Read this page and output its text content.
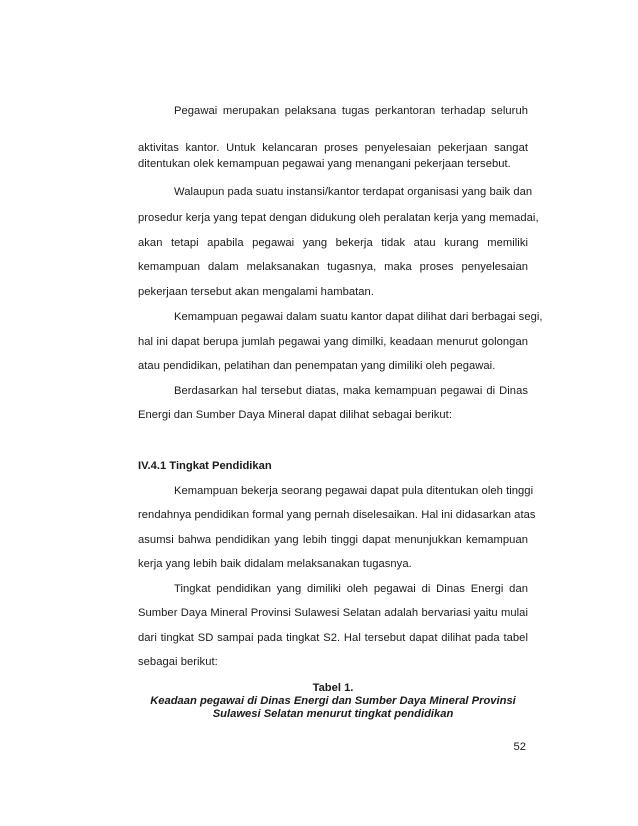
Pegawai merupakan pelaksana tugas perkantoran terhadap seluruh
aktivitas kantor. Untuk kelancaran proses penyelesaian pekerjaan sangat
ditentukan olek kemampuan pegawai yang menangani pekerjaan tersebut.
Walaupun pada suatu instansi/kantor terdapat organisasi yang baik dan
prosedur kerja yang tepat dengan didukung oleh peralatan kerja yang memadai,
akan tetapi apabila pegawai yang bekerja tidak atau kurang memiliki
kemampuan dalam melaksanakan tugasnya, maka proses penyelesaian
pekerjaan tersebut akan mengalami hambatan.
Kemampuan pegawai dalam suatu kantor dapat dilihat dari berbagai segi,
hal ini dapat berupa jumlah pegawai yang dimilki, keadaan menurut golongan
atau pendidikan, pelatihan dan penempatan yang dimiliki oleh pegawai.
Berdasarkan hal tersebut diatas, maka kemampuan pegawai di Dinas
Energi dan Sumber Daya Mineral dapat dilihat sebagai berikut:
IV.4.1 Tingkat Pendidikan
Kemampuan bekerja seorang pegawai dapat pula ditentukan oleh tinggi
rendahnya pendidikan formal yang pernah diselesaikan. Hal ini didasarkan atas
asumsi bahwa pendidikan yang lebih tinggi dapat menunjukkan kemampuan
kerja yang lebih baik didalam melaksanakan tugasnya.
Tingkat pendidikan yang dimiliki oleh pegawai di Dinas Energi dan
Sumber Daya Mineral Provinsi Sulawesi Selatan adalah bervariasi yaitu mulai
dari tingkat SD sampai pada tingkat S2. Hal tersebut dapat dilihat pada tabel
sebagai berikut:
Tabel 1.
Keadaan pegawai di Dinas Energi dan Sumber Daya Mineral Provinsi
Sulawesi Selatan menurut tingkat pendidikan
52
